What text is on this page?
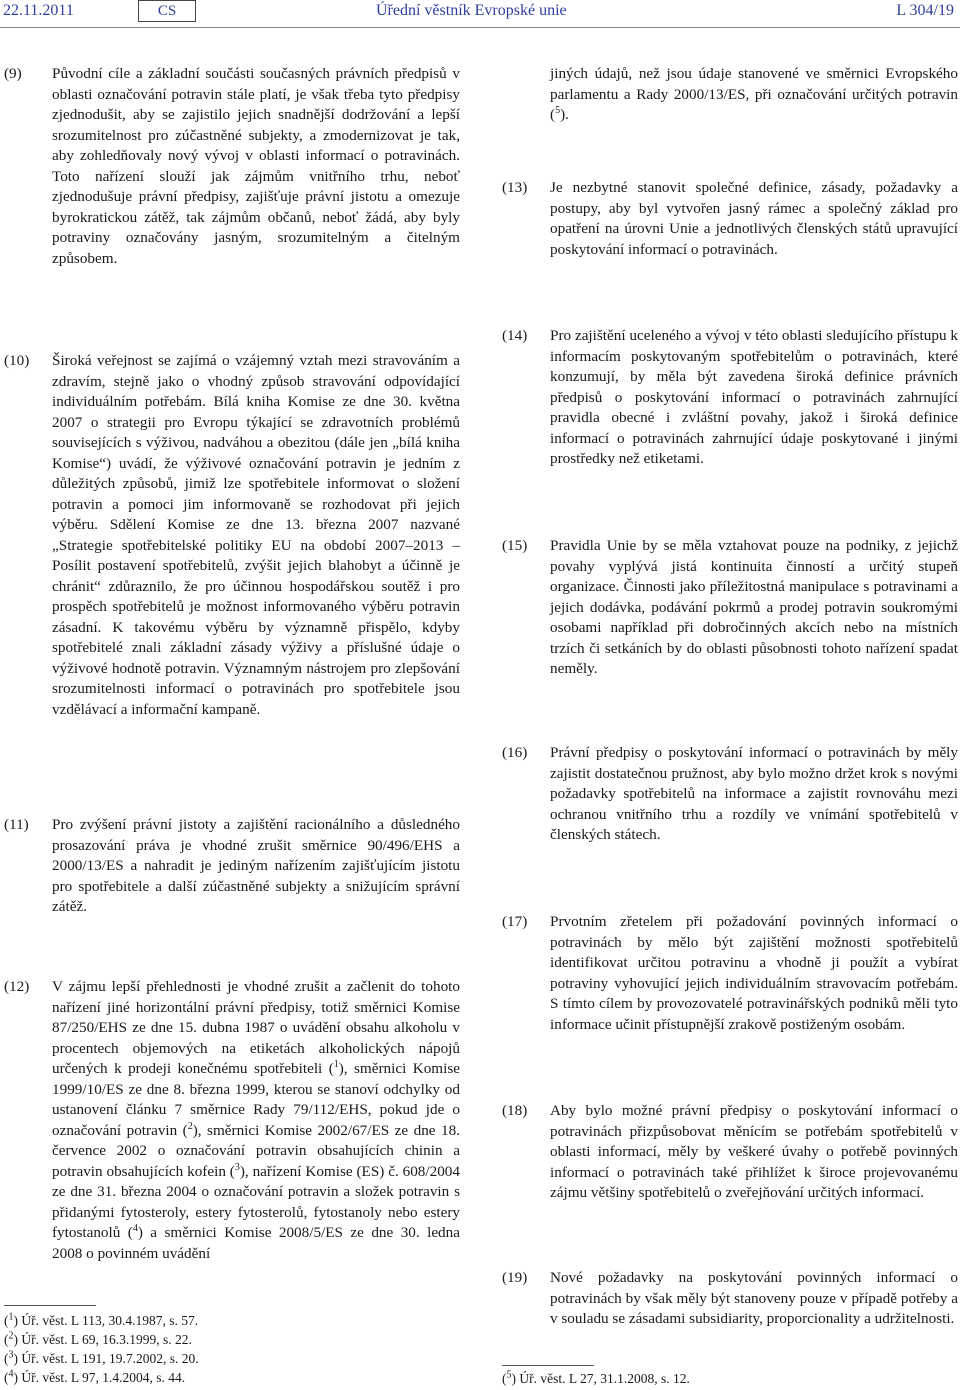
22.11.2011	CS	Úřední věstník Evropské unie	L 304/19
(9) Původní cíle a základní součásti současných právních předpisů v oblasti označování potravin stále platí, je však třeba tyto předpisy zjednodušit, aby se zajistilo jejich snadnější dodržování a lepší srozumitelnost pro zúčastněné subjekty, a zmodernizovat je tak, aby zohledňovaly nový vývoj v oblasti informací o potravinách. Toto nařízení slouží jak zájmům vnitřního trhu, neboť zjednodušuje právní předpisy, zajišťuje právní jistotu a omezuje byrokratickou zátěž, tak zájmům občanů, neboť žádá, aby byly potraviny označovány jasným, srozumitelným a čitelným způsobem.
(10) Široká veřejnost se zajímá o vzájemný vztah mezi stravováním a zdravím, stejně jako o vhodný způsob stravování odpovídající individuálním potřebám. Bílá kniha Komise ze dne 30. května 2007 o strategii pro Evropu týkající se zdravotních problémů souvisejících s výživou, nadváhou a obezitou (dále jen „bílá kniha Komise“) uvádí, že výživové označování potravin je jedním z důležitých způsobů, jimiž lze spotřebitele informovat o složení potravin a pomoci jim informovaně se rozhodovat při jejich výběru. Sdělení Komise ze dne 13. března 2007 nazvané „Strategie spotřebitelské politiky EU na období 2007–2013 – Posílit postavení spotřebitelů, zvýšit jejich blahobyt a účinně je chránit“ zdůraznilo, že pro účinnou hospodářskou soutěž i pro prospěch spotřebitelů je možnost informovaného výběru potravin zásadní. K takovému výběru by významně přispělo, kdyby spotřebitelé znali základní zásady výživy a příslušné údaje o výživové hodnotě potravin. Významným nástrojem pro zlepšování srozumitelnosti informací o potravinách pro spotřebitele jsou vzdělávací a informační kampaně.
(11) Pro zvýšení právní jistoty a zajištění racionálního a důsledného prosazování práva je vhodné zrušit směrnice 90/496/EHS a 2000/13/ES a nahradit je jediným nařízením zajišťujícím jistotu pro spotřebitele a další zúčastněné subjekty a snižujícím správní zátěž.
(12) V zájmu lepší přehlednosti je vhodné zrušit a začlenit do tohoto nařízení jiné horizontální právní předpisy, totiž směrnici Komise 87/250/EHS ze dne 15. dubna 1987 o uvádění obsahu alkoholu v procentech objemových na etiketách alkoholických nápojů určených k prodeji konečnému spotřebiteli ($^1$), směrnici Komise 1999/10/ES ze dne 8. března 1999, kterou se stanoví odchylky od ustanovení článku 7 směrnice Rady 79/112/EHS, pokud jde o označování potravin ($^2$), směrnici Komise 2002/67/ES ze dne 18. července 2002 o označování potravin obsahujících chinin a potravin obsahujících kofein ($^3$), nařízení Komise (ES) č. 608/2004 ze dne 31. března 2004 o označování potravin a složek potravin s přidanými fytosteroly, estery fytosterolů, fytostanoly nebo estery fytostanolů ($^4$) a směrnici Komise 2008/5/ES ze dne 30. ledna 2008 o povinném uvádění
($^1$) Úř. věst. L 113, 30.4.1987, s. 57.
($^2$) Úř. věst. L 69, 16.3.1999, s. 22.
($^3$) Úř. věst. L 191, 19.7.2002, s. 20.
($^4$) Úř. věst. L 97, 1.4.2004, s. 44.
jiných údajů, než jsou údaje stanovené ve směrnici Evropského parlamentu a Rady 2000/13/ES, při označování určitých potravin ($^5$).
(13) Je nezbytné stanovit společné definice, zásady, požadavky a postupy, aby byl vytvořen jasný rámec a společný základ pro opatření na úrovni Unie a jednotlivých členských států upravující poskytování informací o potravinách.
(14) Pro zajištění uceleného a vývoj v této oblasti sledujícího přístupu k informacím poskytovaným spotřebitelům o potravinách, které konzumují, by měla být zavedena široká definice právních předpisů o poskytování informací o potravinách zahrnující pravidla obecné i zvláštní povahy, jakož i široká definice informací o potravinách zahrnující údaje poskytované i jinými prostředky než etiketami.
(15) Pravidla Unie by se měla vztahovat pouze na podniky, z jejichž povahy vyplývá jistá kontinuita činností a určitý stupeň organizace. Činnosti jako příležitostná manipulace s potravinami a jejich dodávka, podávání pokrmů a prodej potravin soukromými osobami například při dobročinných akcích nebo na místních trzích či setkáních by do oblasti působnosti tohoto nařízení spadat neměly.
(16) Právní předpisy o poskytování informací o potravinách by měly zajistit dostatečnou pružnost, aby bylo možno držet krok s novými požadavky spotřebitelů na informace a zajistit rovnováhu mezi ochranou vnitřního trhu a rozdíly ve vnímání spotřebitelů v členských státech.
(17) Prvotním zřetelem při požadování povinných informací o potravinách by mělo být zajištění možnosti spotřebitelů identifikovat určitou potravinu a vhodně ji použít a vybírat potraviny vyhovující jejich individuálním stravovacím potřebám. S tímto cílem by provozovatelé potravinářských podniků měli tyto informace učinit přístupnější zrakově postiženým osobám.
(18) Aby bylo možné právní předpisy o poskytování informací o potravinách přizpůsobovat měnícím se potřebám spotřebitelů v oblasti informací, měly by veškeré úvahy o potřebě povinných informací o potravinách také přihlížet k široce projevovanému zájmu většiny spotřebitelů o zveřejňování určitých informací.
(19) Nové požadavky na poskytování povinných informací o potravinách by však měly být stanoveny pouze v případě potřeby a v souladu se zásadami subsidiarity, proporcionality a udržitelnosti.
($^5$) Úř. věst. L 27, 31.1.2008, s. 12.
